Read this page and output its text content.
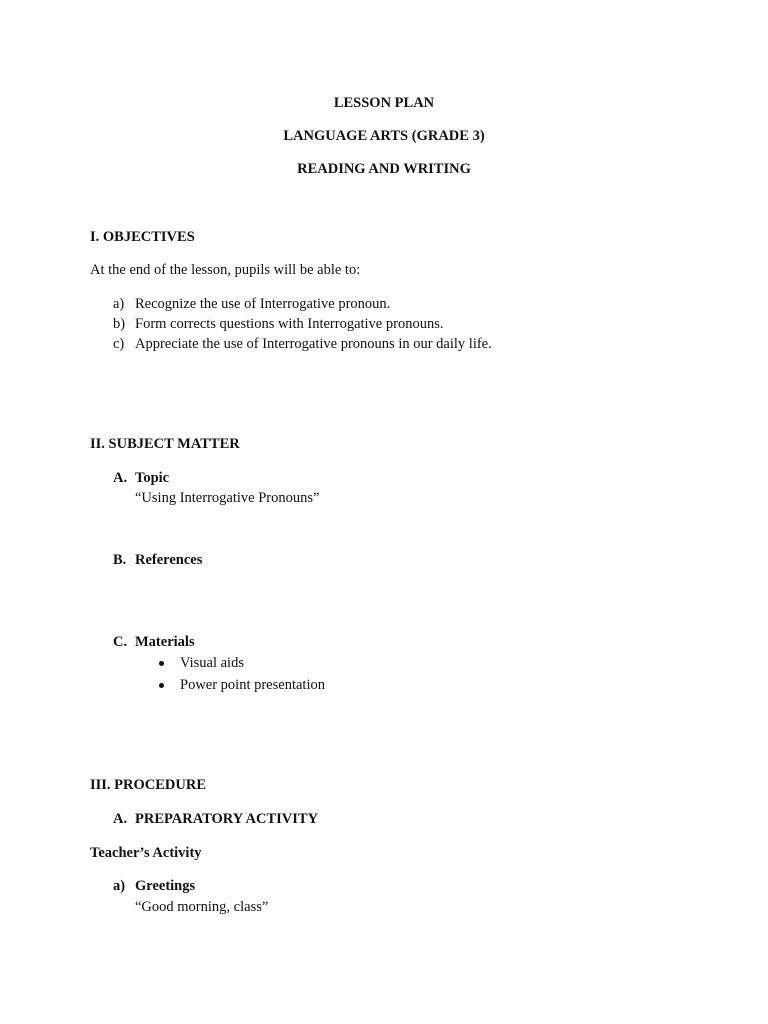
LESSON PLAN
LANGUAGE ARTS (GRADE 3)
READING AND WRITING
I. OBJECTIVES
At the end of the lesson, pupils will be able to:
a) Recognize the use of Interrogative pronoun.
b) Form corrects questions with Interrogative pronouns.
c) Appreciate the use of Interrogative pronouns in our daily life.
II. SUBJECT MATTER
A. Topic
“Using Interrogative Pronouns”
B. References
C. Materials
Visual aids
Power point presentation
III. PROCEDURE
A. PREPARATORY ACTIVITY
Teacher’s Activity
a) Greetings
“Good morning, class”
